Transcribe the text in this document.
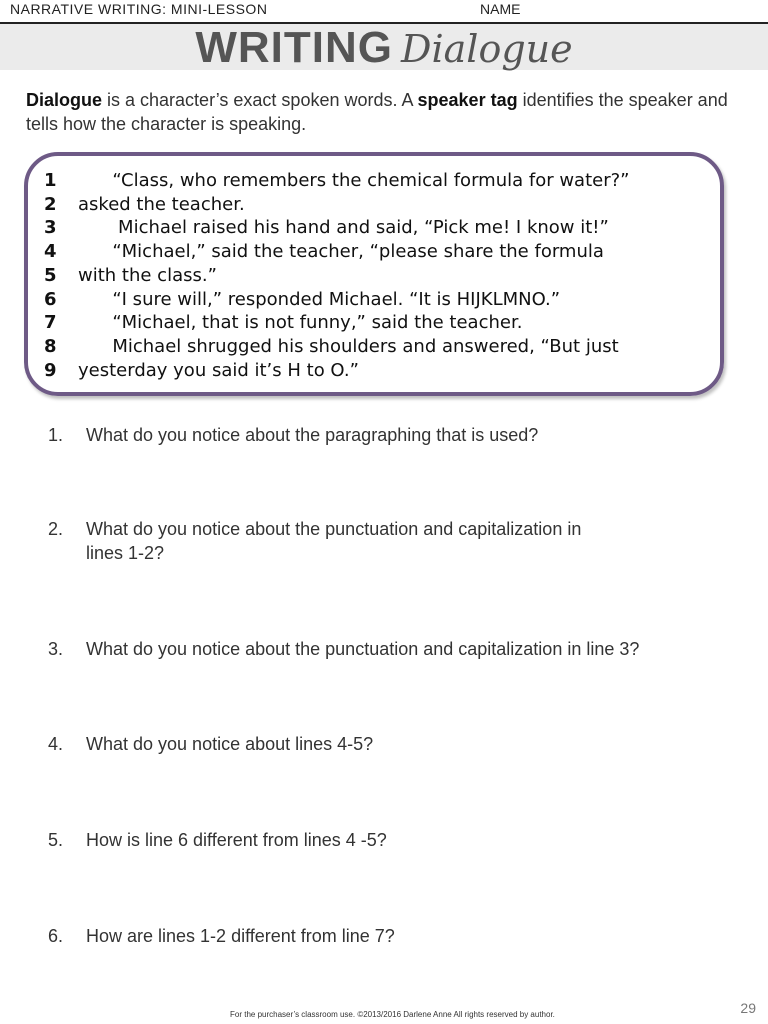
NARRATIVE WRITING: MINI-LESSON	NAME
WRITING Dialogue
Dialogue is a character’s exact spoken words. A speaker tag identifies the speaker and tells how the character is speaking.
1      “Class, who remembers the chemical formula for water?”
2 asked the teacher.
3       Michael raised his hand and said, “Pick me! I know it!”
4      “Michael,” said the teacher, “please share the formula
5 with the class.”
6      “I sure will,” responded Michael. “It is HIJKLMNO.”
7      “Michael, that is not funny,” said the teacher.
8      Michael shrugged his shoulders and answered, “But just
9 yesterday you said it’s H to O.”
1. What do you notice about the paragraphing that is used?
2. What do you notice about the punctuation and capitalization in
lines 1-2?
3. What do you notice about the punctuation and capitalization in line 3?
4. What do you notice about lines 4-5?
5. How is line 6 different from lines 4 -5?
6. How are lines 1-2 different from line 7?
For the purchaser’s classroom use. ©2013/2016 Darlene Anne All rights reserved by author.	29
